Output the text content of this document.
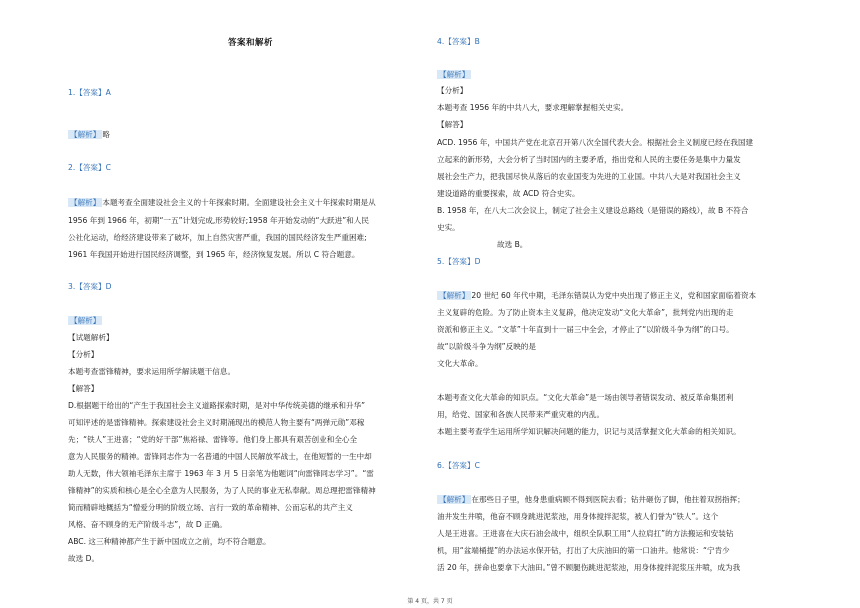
答案和解析
1.【答案】A
【解析】 略
2.【答案】C
【解析】 本题考查全面建设社会主义的十年探索时期。全面建设社会主义十年探索时期是从
1956 年到 1966 年，初期“一五”计划完成,形势较好;1958 年开始发动的“大跃进”和人民
公社化运动，给经济建设带来了破坏，加上自然灾害严重，我国的国民经济发生严重困难;
1961 年我国开始进行国民经济调整，到 1965 年，经济恢复发展。所以 C 符合题意。
3.【答案】D
【解析】
【试题解析】
【分析】
本题考查雷锋精神，要求运用所学解读题干信息。
【解答】
D.根据题干给出的“产生于我国社会主义道路探索时期，是对中华传统美德的继承和升华”
可知评述的是雷锋精神。探索建设社会主义时期涌现出的模范人物主要有“两弹元勋”邓稼
先；“铁人”王进喜；“党的好干部”焦裕禄、雷锋等。他们身上都具有艰苦创业和全心全
意为人民服务的精神。雷锋同志作为一名普通的中国人民解放军战士，在他短暂的一生中却
助人无数，伟大领袖毛泽东主席于 1963 年 3 月 5 日亲笔为他题词“向雷锋同志学习”。“雷
锋精神”的实质和核心是全心全意为人民服务，为了人民的事业无私奉献。周总理把雷锋精神
简而精辟地概括为“憎爱分明的阶级立场、言行一致的革命精神、公而忘私的共产主义
风格、奋不顾身的无产阶级斗志”，故 D 正确。
ABC. 这三种精神都产生于新中国成立之前，均不符合题意。
故选 D。
4.【答案】B
【解析】
【分析】
本题考查 1956 年的中共八大，要求理解掌握相关史实。
【解答】
ACD. 1956 年，中国共产党在北京召开第八次全国代表大会。根据社会主义制度已经在我国建
立起来的新形势，大会分析了当时国内的主要矛盾，指出党和人民的主要任务是集中力量发
展社会生产力，把我国尽快从落后的农业国变为先进的工业国。中共八大是对我国社会主义
建设道路的重要探索，故 ACD 符合史实。
B. 1958 年，在八大二次会议上，制定了社会主义建设总路线（是错误的路线），故 B 不符合
史实。
故选 B。
5.【答案】D
【解析】 20 世纪 60 年代中期，毛泽东错误认为党中央出现了修正主义，党和国家面临着资本
主义复辟的危险。为了防止资本主义复辟，他决定发动“文化大革命”，批判党内出现的走
资派和修正主义。“文革”十年直到十一届三中全会，才停止了“以阶级斗争为纲”的口号。
故“以阶级斗争为纲”反映的是
文化大革命。
本题考查文化大革命的知识点。“文化大革命”是一场由领导者错误发动、被反革命集团利
用，给党、国家和各族人民带来严重灾难的内乱。
本题主要考查学生运用所学知识解决问题的能力，识记与灵活掌握文化大革命的相关知识。
6.【答案】C
【解析】 在那些日子里，他身患重病顾不得到医院去看；钻井砸伤了脚，他拄着双拐指挥；
油井发生井喷，他奋不顾身跳进泥浆池，用身体搅拌泥浆，被人们誉为“铁人”。这个
人是王进喜。王进喜在大庆石油会战中，组织全队职工用“人拉肩扛”的方法搬运和安装钻
机，用“盆端桶提”的办法运水保开钻，打出了大庆油田的第一口油井。他常说：“宁肯少
活 20 年，拼命也要拿下大油田。”曾不顾腿伤跳进泥浆池，用身体搅拌泥浆压井喷，成为我
第 4 页，共 7 页
